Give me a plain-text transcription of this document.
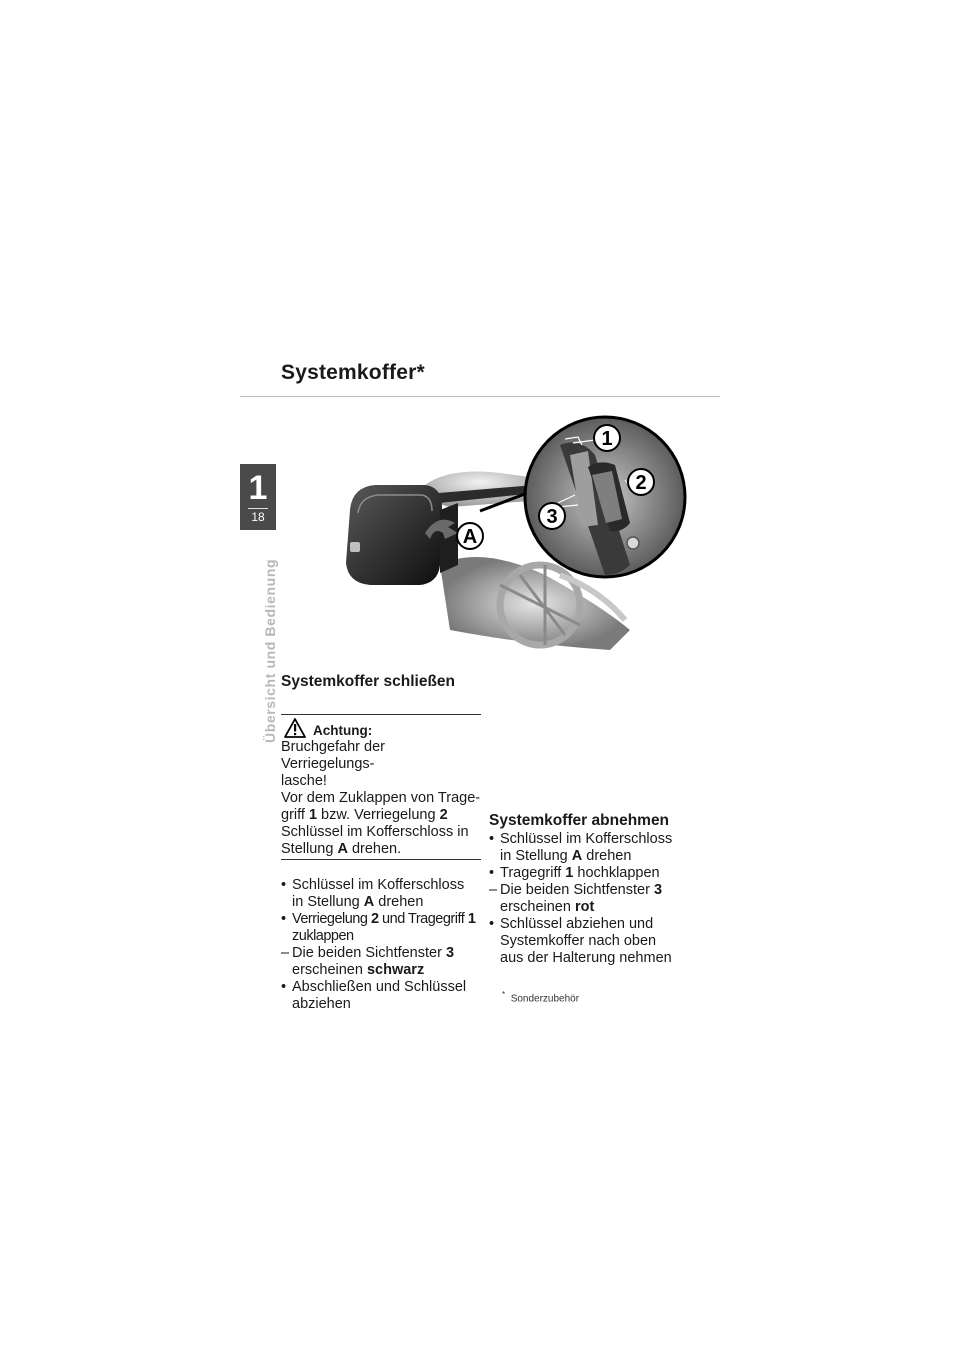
Systemkoffer*
1
18
Übersicht und Bedienung
1
2
3
A
Systemkoffer schließen
Achtung:

Bruchgefahr der Verriegelungs-
lasche!
Vor dem Zuklappen von Trage-
griff 1 bzw. Verriegelung 2
Schlüssel im Kofferschloss in
Stellung A drehen.

• Schlüssel im Kofferschloss
in Stellung A drehen
• Verriegelung 2 und Tragegriff 1
zuklappen
– Die beiden Sichtfenster 3
erscheinen schwarz
• Abschließen und Schlüssel
abziehen
Systemkoffer abnehmen
• Schlüssel im Kofferschloss
in Stellung A drehen
• Tragegriff 1 hochklappen
– Die beiden Sichtfenster 3
erscheinen rot
• Schlüssel abziehen und
Systemkoffer nach oben
aus der Halterung nehmen
* Sonderzubehör
